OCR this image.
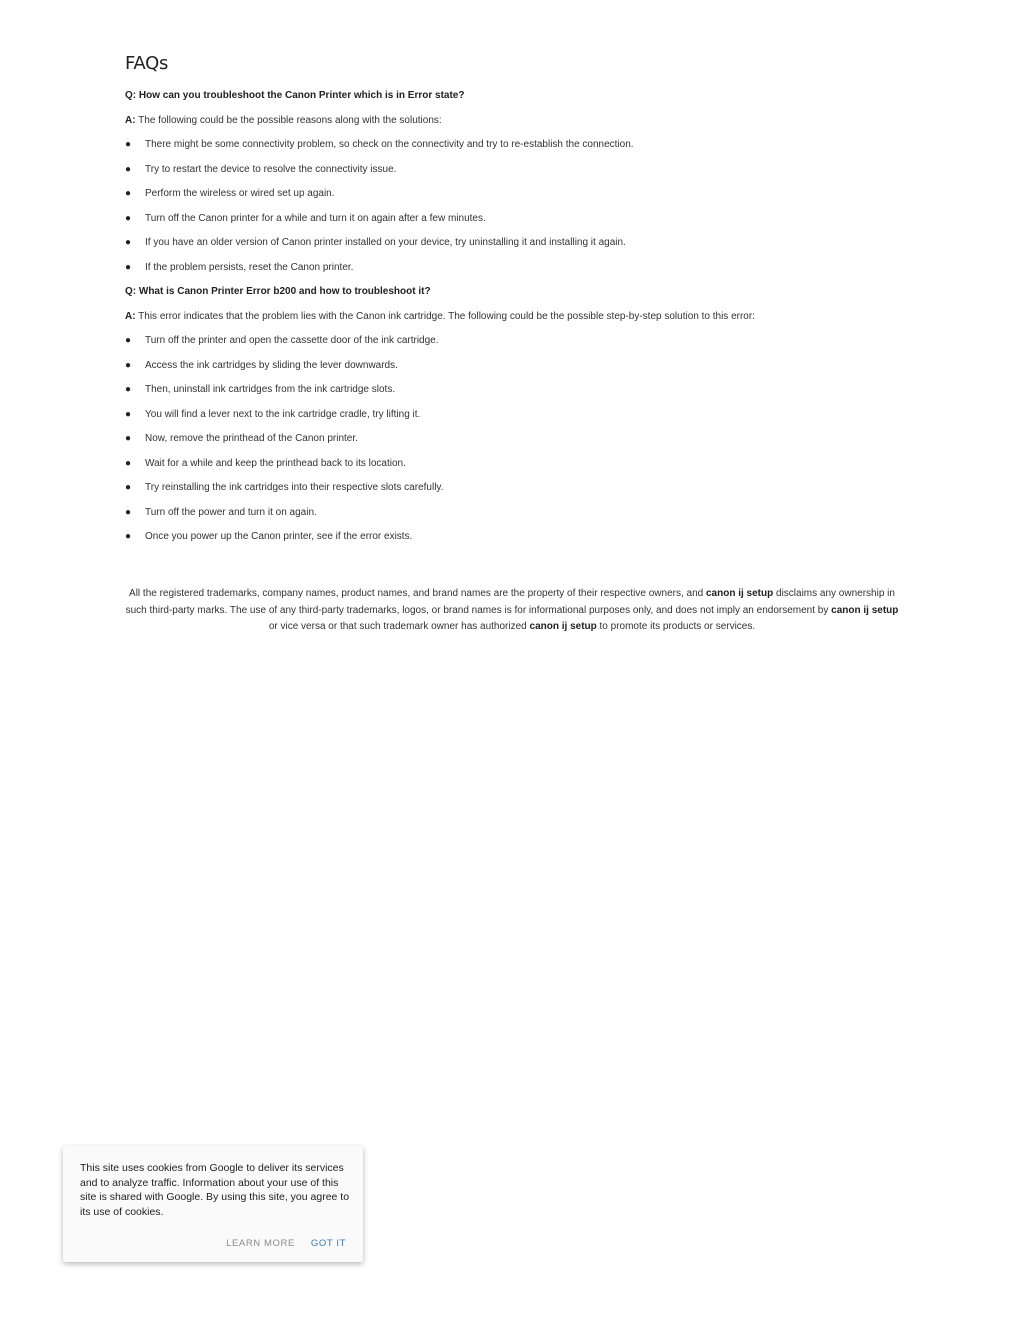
FAQs

Q: How can you troubleshoot the Canon Printer which is in Error state?

A: The following could be the possible reasons along with the solutions:

● There might be some connectivity problem, so check on the connectivity and try to re-establish the connection.
● Try to restart the device to resolve the connectivity issue.
● Perform the wireless or wired set up again.
● Turn off the Canon printer for a while and turn it on again after a few minutes.
● If you have an older version of Canon printer installed on your device, try uninstalling it and installing it again.
● If the problem persists, reset the Canon printer.

Q: What is Canon Printer Error b200 and how to troubleshoot it?

A: This error indicates that the problem lies with the Canon ink cartridge. The following could be the possible step-by-step solution to this error:

● Turn off the printer and open the cassette door of the ink cartridge.
● Access the ink cartridges by sliding the lever downwards.
● Then, uninstall ink cartridges from the ink cartridge slots.
● You will find a lever next to the ink cartridge cradle, try lifting it.
● Now, remove the printhead of the Canon printer.
● Wait for a while and keep the printhead back to its location.
● Try reinstalling the ink cartridges into their respective slots carefully.
● Turn off the power and turn it on again.
● Once you power up the Canon printer, see if the error exists.
All the registered trademarks, company names, product names, and brand names are the property of their respective owners, and canon ij setup disclaims any ownership in such third-party marks. The use of any third-party trademarks, logos, or brand names is for informational purposes only, and does not imply an endorsement by canon ij setup or vice versa or that such trademark owner has authorized canon ij setup to promote its products or services.
This site uses cookies from Google to deliver its services and to analyze traffic. Information about your use of this site is shared with Google. By using this site, you agree to its use of cookies.
LEARN MORE	GOT IT
